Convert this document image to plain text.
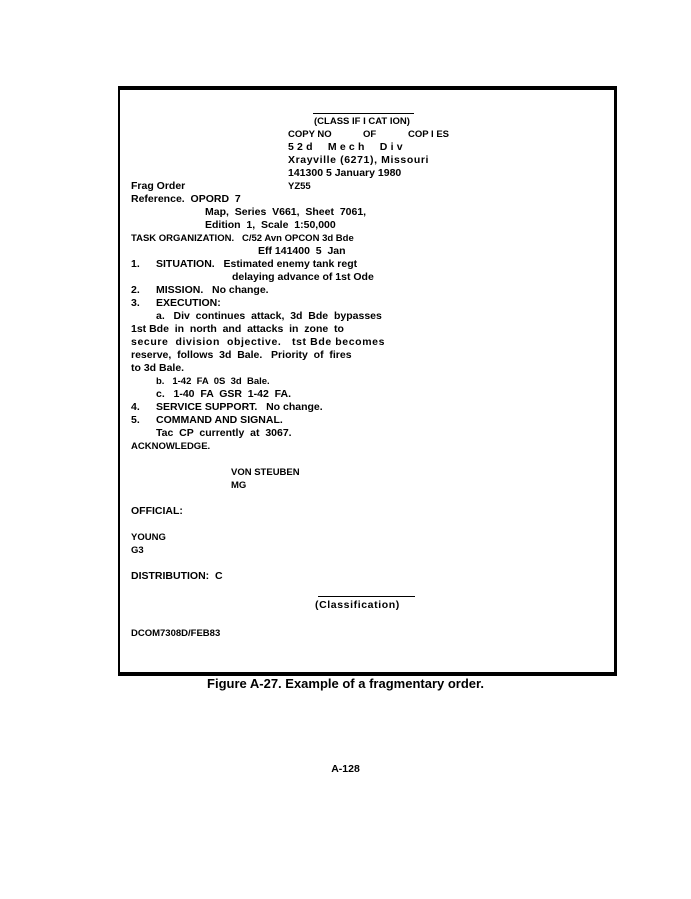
(CLASS IF I CAT ION)
COPY NO	OF	COP I ES
52d  Mech  Div
Xrayville (6271), Missouri
141300 5 January 1980
Frag Order	YZ55
Reference.  OPORD  7
Map,  Series  V661,  Sheet  7061,
Edition  1,  Scale  1:50,000
TASK ORGANIZATION.   C/52 Avn OPCON 3d Bde
Eff 141400  5  Jan
1. SITUATION.   Estimated enemy tank regt
delaying advance of 1st Ode
2. MISSION.   No change.
3. EXECUTION:
a.   Div  continues  attack,  3d  Bde  bypasses
1st Bde  in  north  and  attacks  in  zone  to
secure  division  objective.   tst Bde becomes
reserve,  follows  3d  Bale.   Priority  of  fires
to 3d Bale.
b.   1-42  FA  0S  3d  Bale.
c.   1-40  FA  GSR  1-42  FA.
4. SERVICE SUPPORT.   No change.
5. COMMAND AND SIGNAL.
Tac  CP  currently  at  3067.
ACKNOWLEDGE.
VON STEUBEN
MG
OFFICIAL:
YOUNG
G3
DISTRIBUTION:  C
(Classification)
DCOM7308D/FEB83
Figure A-27. Example of a fragmentary order.
A-128
